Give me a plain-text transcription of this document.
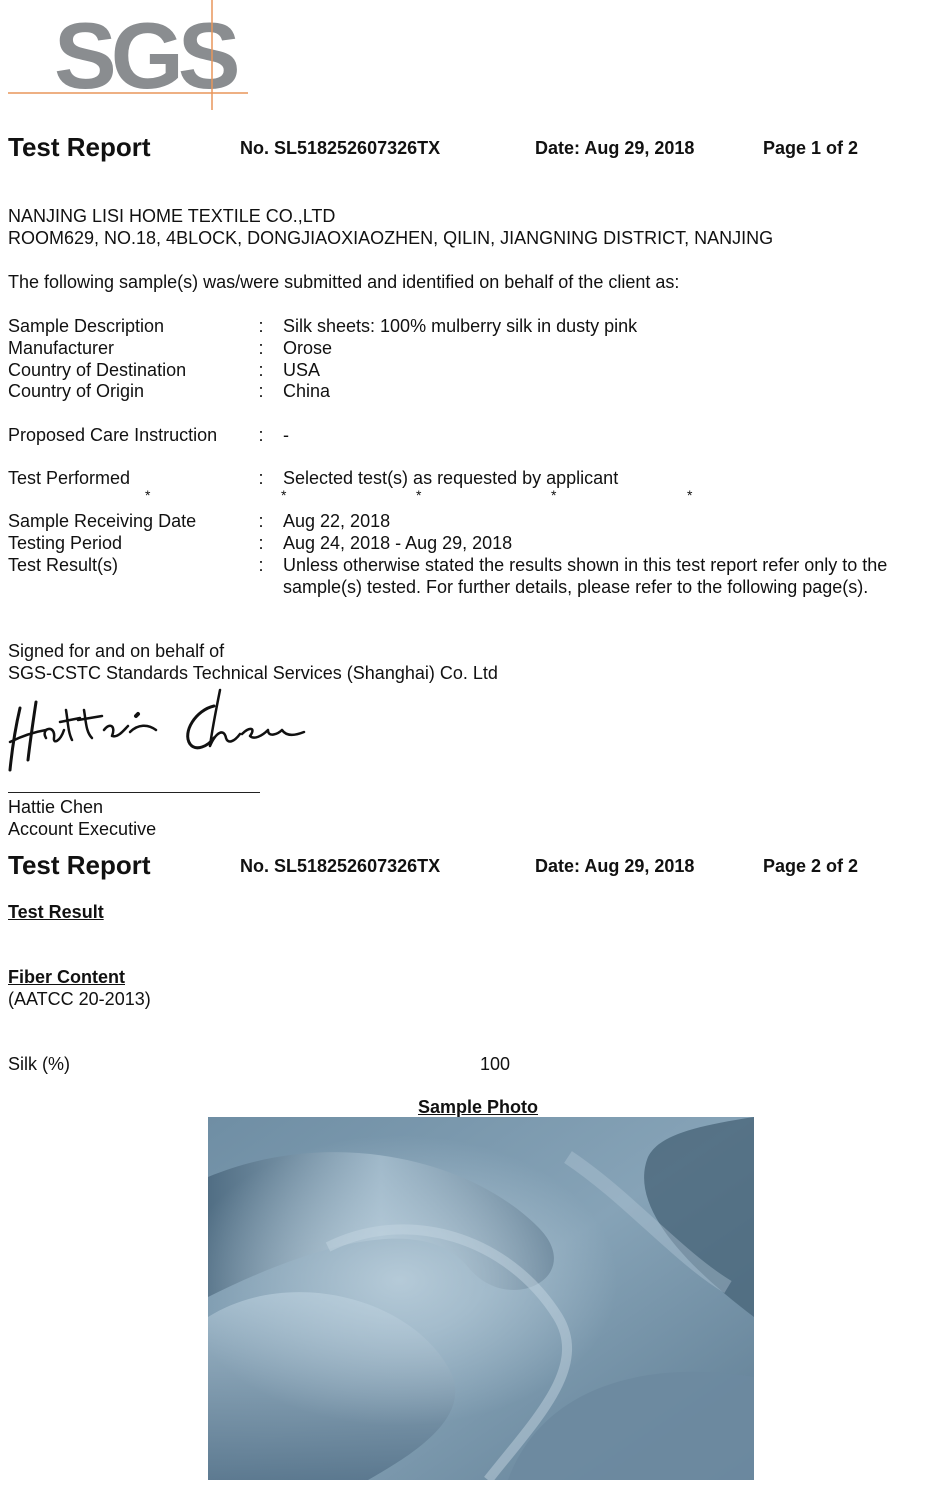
SGS
Test Report	No. SL518252607326TX	Date: Aug 29, 2018	Page 1 of 2
NANJING LISI HOME TEXTILE CO.,LTD
ROOM629, NO.18, 4BLOCK, DONGJIAOXIAOZHEN, QILIN, JIANGNING DISTRICT, NANJING
The following sample(s) was/were submitted and identified on behalf of the client as:
Sample Description	: Silk sheets: 100% mulberry silk in dusty pink
Manufacturer	: Orose
Country of Destination	: USA
Country of Origin	: China
Proposed Care Instruction : -
Test Performed	: Selected test(s) as requested by applicant
*	*	*	*	*
Sample Receiving Date	: Aug 22, 2018
Testing Period	: Aug 24, 2018 - Aug 29, 2018
Test Result(s)	: Unless otherwise stated the results shown in this test report refer only to the
sample(s) tested. For further details, please refer to the following page(s).
Signed for and on behalf of
SGS-CSTC Standards Technical Services (Shanghai) Co. Ltd
Hattie Chen
Account Executive
Test Report	No. SL518252607326TX	Date: Aug 29, 2018	Page 2 of 2
Test Result
Fiber Content
(AATCC 20-2013)
Silk (%)	100
Sample Photo
